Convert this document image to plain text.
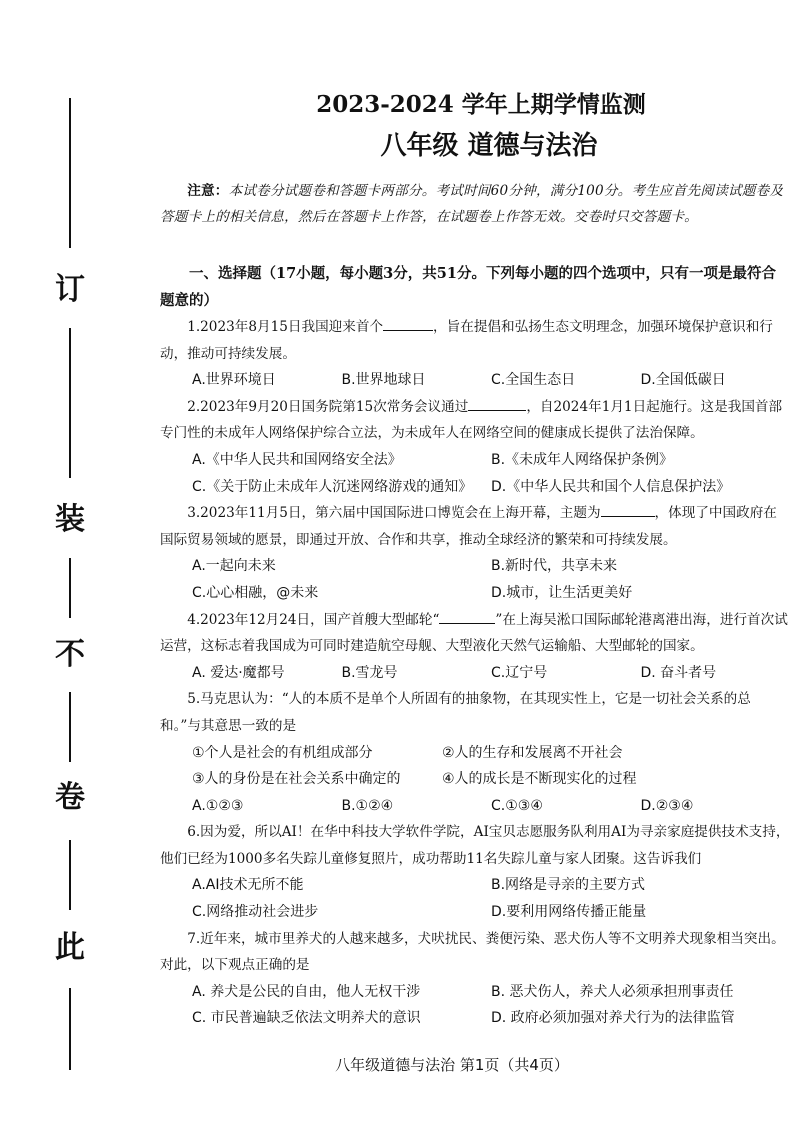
订
装
不
卷
此
2023-2024 学年上期学情监测
八年级 道德与法治

注意：本试卷分试题卷和答题卡两部分。考试时间60分钟，满分100分。考生应首先阅读试题卷及答题卡上的相关信息，然后在答题卡上作答，在试题卷上作答无效。交卷时只交答题卡。

一、选择题（17小题，每小题3分，共51分。下列每小题的四个选项中，只有一项是最符合题意的）

1.2023年8月15日我国迎来首个	，旨在提倡和弘扬生态文明理念，加强环境保护意识和行动，推动可持续发展。

A.世界环境日	B.世界地球日	C.全国生态日	D.全国低碳日

2.2023年9月20日国务院第15次常务会议通过	，自2024年1月1日起施行。这是我国首部专门性的未成年人网络保护综合立法，为未成年人在网络空间的健康成长提供了法治保障。

A.《中华人民共和国网络安全法》	B.《未成年人网络保护条例》
C.《关于防止未成年人沉迷网络游戏的通知》	D.《中华人民共和国个人信息保护法》

3.2023年11月5日，第六届中国国际进口博览会在上海开幕，主题为	，体现了中国政府在国际贸易领域的愿景，即通过开放、合作和共享，推动全球经济的繁荣和可持续发展。

A.一起向未来	B.新时代，共享未来
C.心心相融，@未来	D.城市，让生活更美好

4.2023年12月24日，国产首艘大型邮轮“	”在上海吴淞口国际邮轮港离港出海，进行首次试运营，这标志着我国成为可同时建造航空母舰、大型液化天然气运输船、大型邮轮的国家。

A. 爱达·魔都号	B.雪龙号	C.辽宁号	D. 奋斗者号

5.马克思认为：“人的本质不是单个人所固有的抽象物，在其现实性上，它是一切社会关系的总和。”与其意思一致的是

①个人是社会的有机组成部分	②人的生存和发展离不开社会
③人的身份是在社会关系中确定的	④人的成长是不断现实化的过程
A.①②③	B.①②④	C.①③④	D.②③④

6.因为爱，所以AI！在华中科技大学软件学院，AI宝贝志愿服务队利用AI为寻亲家庭提供技术支持，他们已经为1000多名失踪儿童修复照片，成功帮助11名失踪儿童与家人团聚。这告诉我们

A.AI技术无所不能	B.网络是寻亲的主要方式
C.网络推动社会进步	D.要利用网络传播正能量

7.近年来，城市里养犬的人越来越多，犬吠扰民、粪便污染、恶犬伤人等不文明养犬现象相当突出。对此，以下观点正确的是

A. 养犬是公民的自由，他人无权干涉	B. 恶犬伤人，养犬人必须承担刑事责任
C. 市民普遍缺乏依法文明养犬的意识	D. 政府必须加强对养犬行为的法律监管
八年级道德与法治 第1页（共4页）
